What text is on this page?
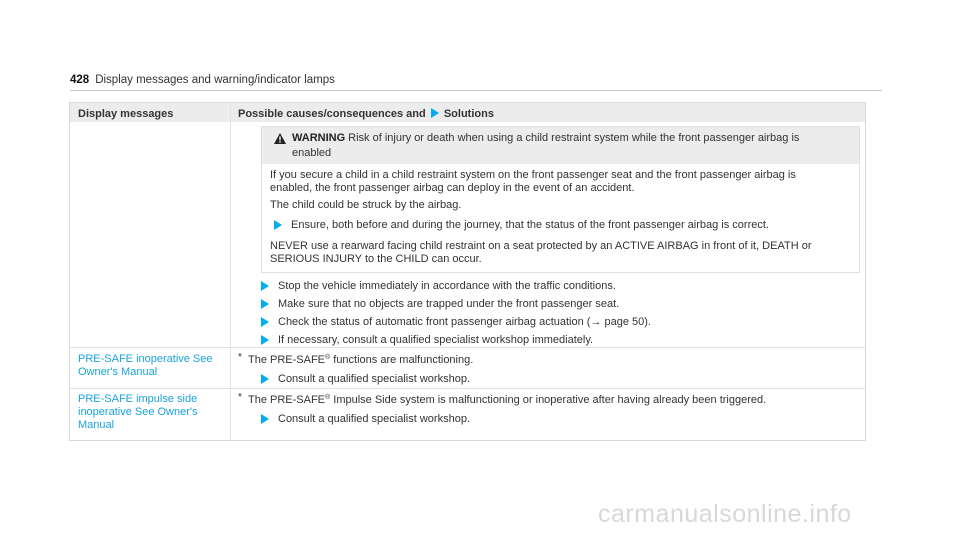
428 Display messages and warning/indicator lamps
Display messages	Possible causes/consequences and Solutions
WARNING Risk of injury or death when using a child restraint system while the front passenger airbag is
enabled
If you secure a child in a child restraint system on the front passenger seat and the front passenger airbag is
enabled, the front passenger airbag can deploy in the event of an accident.
The child could be struck by the airbag.
Ensure, both before and during the journey, that the status of the front passenger airbag is correct.
NEVER use a rearward facing child restraint on a seat protected by an ACTIVE AIRBAG in front of it, DEATH or
SERIOUS INJURY to the CHILD can occur.
Stop the vehicle immediately in accordance with the traffic conditions.
Make sure that no objects are trapped under the front passenger seat.
Check the status of automatic front passenger airbag actuation (→ page 50).
If necessary, consult a qualified specialist workshop immediately.
PRE-SAFE inoperative See
Owner's Manual
* The PRE-SAFE® functions are malfunctioning.
Consult a qualified specialist workshop.
PRE-SAFE impulse side
inoperative See Owner's
Manual
* The PRE-SAFE® Impulse Side system is malfunctioning or inoperative after having already been triggered.
Consult a qualified specialist workshop.
carmanualsonline.info
